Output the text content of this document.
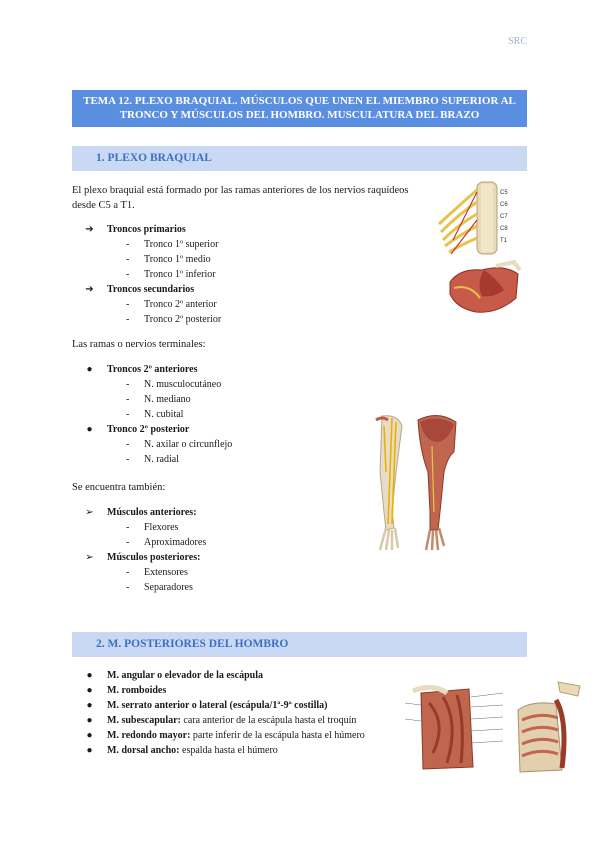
SRC
TEMA 12. PLEXO BRAQUIAL. MÚSCULOS QUE UNEN EL MIEMBRO SUPERIOR AL TRONCO Y MÚSCULOS DEL HOMBRO. MUSCULATURA DEL BRAZO
1. PLEXO BRAQUIAL
El plexo braquial está formado por las ramas anteriores de los nervios raquídeos desde C5 a T1.
➔	Troncos primarios
-	Tronco 1º superior
-	Tronco 1º medio
-	Tronco 1º inferior
➔	Troncos secundarios
-	Tronco 2º anterior
-	Tronco 2º posterior
Las ramas o nervios terminales:
●	Troncos 2º anteriores
-	N. musculocutáneo
-	N. mediano
-	N. cubital
●	Tronco 2º posterior
-	N. axilar o circunflejo
-	N. radial
Se encuentra también:
➢	Músculos anteriores:
-	Flexores
-	Aproximadores
➢	Músculos posteriores:
-	Extensores
-	Separadores
C5
C6
C7
C8
T1
2. M. POSTERIORES DEL HOMBRO
●	M. angular o elevador de la escápula
●	M. romboides
●	M. serrato anterior o lateral (escápula/1ª-9ª costilla)
●	M. subescapular: cara anterior de la escápula hasta el troquín
●	M. redondo mayor: parte inferir de la escápula hasta el húmero
●	M. dorsal ancho: espalda hasta el húmero
